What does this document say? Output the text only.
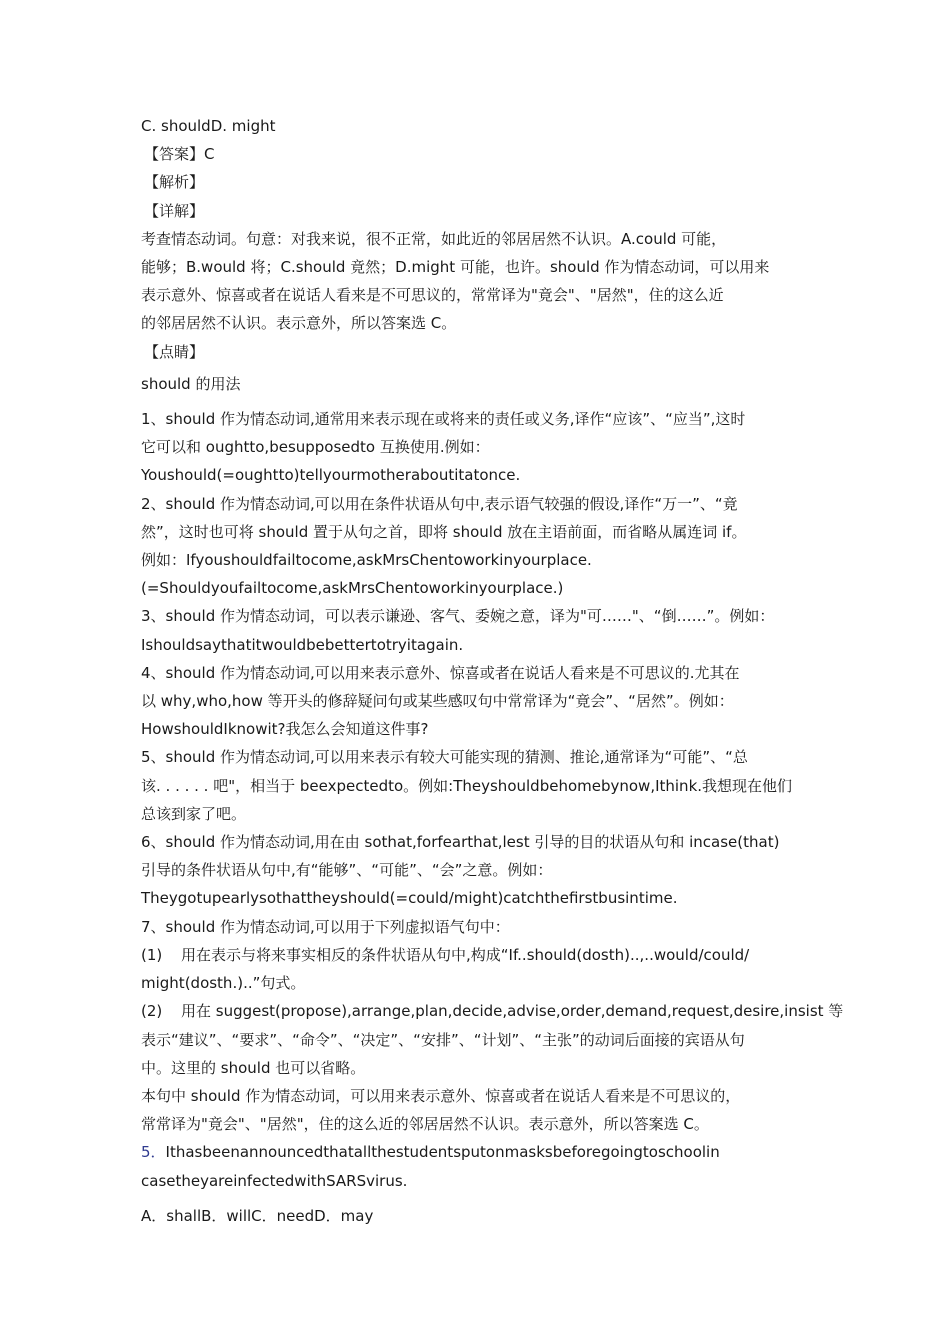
C. shouldD. might
【答案】C
【解析】
【详解】
考查情态动词。句意：对我来说，很不正常，如此近的邻居居然不认识。A.could 可能，
能够；B.would 将；C.should 竟然；D.might 可能，也许。should 作为情态动词，可以用来
表示意外、惊喜或者在说话人看来是不可思议的，常常译为"竟会"、"居然"，住的这么近
的邻居居然不认识。表示意外，所以答案选 C。
【点睛】
should 的用法
1、should 作为情态动词,通常用来表示现在或将来的责任或义务,译作“应该”、“应当”,这时
它可以和 oughtto,besupposedto 互换使用.例如：
Youshould(=oughtto)tellyourmotheraboutitatonce.
2、should 作为情态动词,可以用在条件状语从句中,表示语气较强的假设,译作“万一”、“竟
然”，这时也可将 should 置于从句之首，即将 should 放在主语前面，而省略从属连词 if。
例如：Ifyoushouldfailtocome,askMrsChentoworkinyourplace.
(=Shouldyoufailtocome,askMrsChentoworkinyourplace.)
3、should 作为情态动词，可以表示谦逊、客气、委婉之意，译为"可……"、“倒……”。例如：
Ishouldsaythatitwouldbebettertotryitagain.
4、should 作为情态动词,可以用来表示意外、惊喜或者在说话人看来是不可思议的.尤其在
以 why,who,how 等开头的修辞疑问句或某些感叹句中常常译为“竟会”、“居然”。例如：
HowshouldIknowit?我怎么会知道这件事?
5、should 作为情态动词,可以用来表示有较大可能实现的猜测、推论,通常译为“可能”、“总
该. . . . . . 吧"，相当于 beexpectedto。例如:Theyshouldbehomebynow,Ithink.我想现在他们
总该到家了吧。
6、should 作为情态动词,用在由 sothat,forfearthat,lest 引导的目的状语从句和 incase(that)
引导的条件状语从句中,有“能够”、“可能”、“会”之意。例如：
Theygotupearlysothattheyshould(=could/might)catchthefirstbusintime.
7、should 作为情态动词,可以用于下列虚拟语气句中：
(1) 用在表示与将来事实相反的条件状语从句中,构成“If..should(dosth)..,..would/could/
might(dosth.)..”句式。
(2) 用在 suggest(propose),arrange,plan,decide,advise,order,demand,request,desire,insist 等
表示“建议”、“要求”、“命令”、“决定”、“安排”、“计划”、“主张”的动词后面接的宾语从句
中。这里的 should 也可以省略。
本句中 should 作为情态动词，可以用来表示意外、惊喜或者在说话人看来是不可思议的，
常常译为"竟会"、"居然"，住的这么近的邻居居然不认识。表示意外，所以答案选 C。
5．Ithasbeenannouncedthatallthestudentsputonmasksbeforegoingtoschoolin
casetheyareinfectedwithSARSvirus.
A．shallB．willC．needD．may
